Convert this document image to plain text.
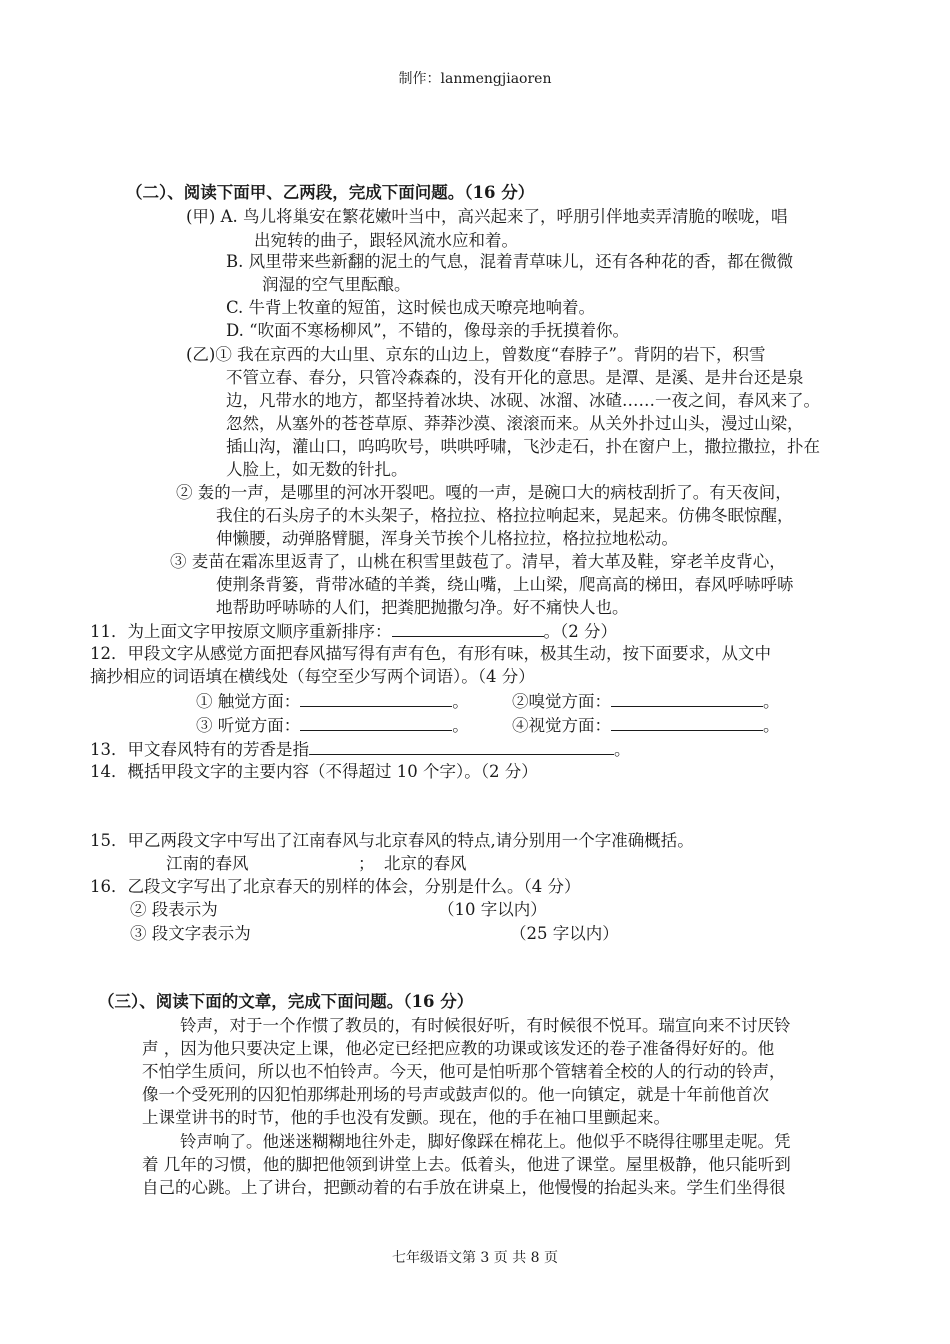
制作：lanmengjiaoren
（二）、阅读下面甲、乙两段，完成下面问题。（16 分）
(甲) A. 鸟儿将巢安在繁花嫩叶当中，高兴起来了，呼朋引伴地卖弄清脆的喉咙，唱
出宛转的曲子，跟轻风流水应和着。
B. 风里带来些新翻的泥土的气息，混着青草味儿，还有各种花的香，都在微微
润湿的空气里酝酿。
C. 牛背上牧童的短笛，这时候也成天嘹亮地响着。
D. “吹面不寒杨柳风”，不错的，像母亲的手抚摸着你。
(乙)① 我在京西的大山里、京东的山边上，曾数度“春脖子”。背阴的岩下，积雪
不管立春、春分，只管冷森森的，没有开化的意思。是潭、是溪、是井台还是泉
边，凡带水的地方，都坚持着冰块、冰砚、冰溜、冰碴……一夜之间，春风来了。
忽然，从塞外的苍苍草原、莽莽沙漠、滚滚而来。从关外扑过山头，漫过山梁，
插山沟，灌山口，呜呜吹号，哄哄呼啸，飞沙走石，扑在窗户上，撒拉撒拉，扑在
人脸上，如无数的针扎。
② 轰的一声，是哪里的河冰开裂吧。嘎的一声，是碗口大的病枝刮折了。有天夜间，
我住的石头房子的木头架子，格拉拉、格拉拉响起来，晃起来。仿佛冬眠惊醒，
伸懒腰，动弹胳臂腿，浑身关节挨个儿格拉拉，格拉拉地松动。
③ 麦苗在霜冻里返青了，山桃在积雪里鼓苞了。清早，着大革及鞋，穿老羊皮背心，
使荆条背篓，背带冰碴的羊粪，绕山嘴，上山梁，爬高高的梯田，春风呼哧呼哧
地帮助呼哧哧的人们，把粪肥抛撒匀净。好不痛快人也。
11．为上面文字甲按原文顺序重新排序：	。（2 分）
12．甲段文字从感觉方面把春风描写得有声有色，有形有味，极其生动，按下面要求，从文中
摘抄相应的词语填在横线处（每空至少写两个词语）。（4 分）
① 触觉方面：	。	②嗅觉方面：	。
③ 听觉方面：	。	④视觉方面：	。
13．甲文春风特有的芳香是指	。
14．概括甲段文字的主要内容（不得超过 10 个字）。（2 分）
15．甲乙两段文字中写出了江南春风与北京春风的特点,请分别用一个字准确概括。
江南的春风	； 北京的春风
16．乙段文字写出了北京春天的别样的体会，分别是什么。（4 分）
② 段表示为	（10 字以内）
③ 段文字表示为	（25 字以内）
（三）、阅读下面的文章，完成下面问题。（16 分）
铃声，对于一个作惯了教员的，有时候很好听，有时候很不悦耳。瑞宣向来不讨厌铃
声 ，因为他只要决定上课，他必定已经把应教的功课或该发还的卷子准备得好好的。他
不怕学生质问，所以也不怕铃声。今天，他可是怕听那个管辖着全校的人的行动的铃声，
像一个受死刑的囚犯怕那绑赴刑场的号声或鼓声似的。他一向镇定，就是十年前他首次
上课堂讲书的时节，他的手也没有发颤。现在，他的手在袖口里颤起来。
铃声响了。他迷迷糊糊地往外走，脚好像踩在棉花上。他似乎不晓得往哪里走呢。凭
着 几年的习惯，他的脚把他领到讲堂上去。低着头，他进了课堂。屋里极静，他只能听到
自己的心跳。上了讲台，把颤动着的右手放在讲桌上，他慢慢的抬起头来。学生们坐得很
七年级语文第 3 页 共 8 页
